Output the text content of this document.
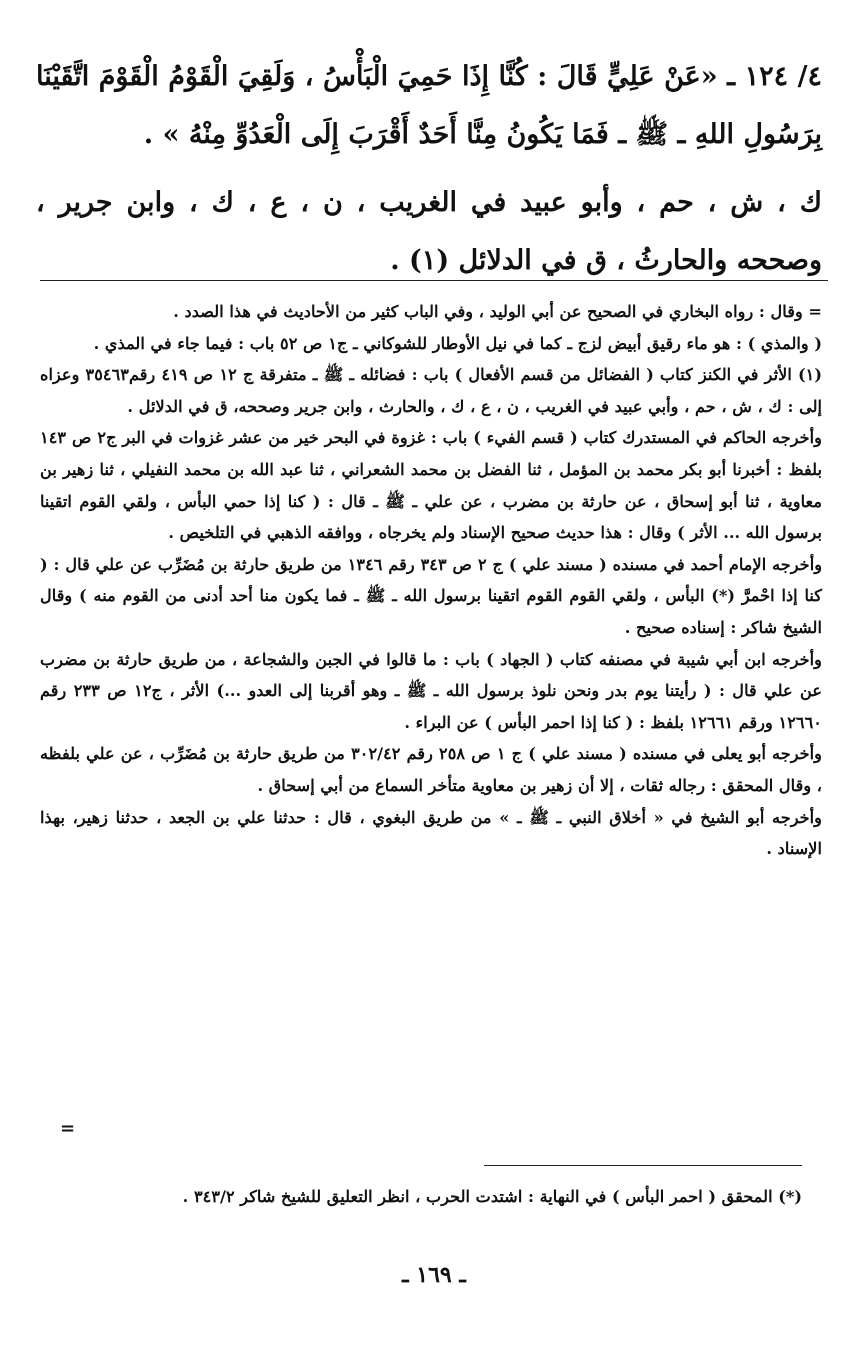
٤/ ١٢٤ ـ «عَنْ عَلِيٍّ قَالَ : كُنَّا إِذَا حَمِيَ الْبَأْسُ ، وَلَقِيَ الْقَوْمُ الْقَوْمَ اتَّقَيْنَا بِرَسُولِ اللهِ ـ ﷺ ـ فَمَا يَكُونُ مِنَّا أَحَدٌ أَقْرَبَ إِلَى الْعَدُوِّ مِنْهُ » .

ك ، ش ، حم ، وأبو عبيد في الغريب ، ن ، ع ، ك ، وابن جرير ، وصححه والحارثُ ، ق في الدلائل (١) .

= وقال : رواه البخاري في الصحيح عن أبي الوليد ، وفي الباب كثير من الأحاديث في هذا الصدد .

( والمذي ) : هو ماء رقيق أبيض لزج ـ كما في نيل الأوطار للشوكاني ـ ج١ ص ٥٢ باب : فيما جاء في المذي .

(١) الأثر في الكنز كتاب ( الفضائل من قسم الأفعال ) باب : فضائله ـ ﷺ ـ متفرقة ج ١٢ ص ٤١٩ رقم٣٥٤٦٣ وعزاه إلى : ك ، ش ، حم ، وأبي عبيد في الغريب ، ن ، ع ، ك ، والحارث ، وابن جرير وصححه، ق في الدلائل .

وأخرجه الحاكم في المستدرك كتاب ( قسم الفيء ) باب : غزوة في البحر خير من عشر غزوات في البر ج٢ ص ١٤٣ بلفظ : أخبرنا أبو بكر محمد بن المؤمل ، ثنا الفضل بن محمد الشعراني ، ثنا عبد الله بن محمد النفيلي ، ثنا زهير بن معاوية ، ثنا أبو إسحاق ، عن حارثة بن مضرب ، عن علي ـ ﷺ ـ قال : ( كنا إذا حمي البأس ، ولقي القوم اتقينا برسول الله ... الأثر ) وقال : هذا حديث صحيح الإسناد ولم يخرجاه ، ووافقه الذهبي في التلخيص .

وأخرجه الإمام أحمد في مسنده ( مسند علي ) ج ٢ ص ٣٤٣ رقم ١٣٤٦ من طريق حارثة بن مُضَرِّب عن علي قال : ( كنا إذا احْمرَّ (*) البأس ، ولقي القوم القوم اتقينا برسول الله ـ ﷺ ـ فما يكون منا أحد أدنى من القوم منه ) وقال الشيخ شاكر : إسناده صحيح .

وأخرجه ابن أبي شيبة في مصنفه كتاب ( الجهاد ) باب : ما قالوا في الجبن والشجاعة ، من طريق حارثة بن مضرب عن علي قال : ( رأيتنا يوم بدر ونحن نلوذ برسول الله ـ ﷺ ـ وهو أقربنا إلى العدو ...) الأثر ، ج١٢ ص ٢٣٣ رقم ١٢٦٦٠ ورقم ١٢٦٦١ بلفظ : ( كنا إذا احمر البأس ) عن البراء .

وأخرجه أبو يعلى في مسنده ( مسند علي ) ج ١ ص ٢٥٨ رقم ٣٠٢/٤٢ من طريق حارثة بن مُضَرِّب ، عن علي بلفظه ، وقال المحقق : رجاله ثقات ، إلا أن زهير بن معاوية متأخر السماع من أبي إسحاق .

وأخرجه أبو الشيخ في « أخلاق النبي ـ ﷺ ـ » من طريق البغوي ، قال : حدثنا علي بن الجعد ، حدثنا زهير، بهذا الإسناد .

=
(*) المحقق ( احمر البأس ) في النهاية : اشتدت الحرب ، انظر التعليق للشيخ شاكر ٣٤٣/٢ .
ـ ١٦٩ ـ
